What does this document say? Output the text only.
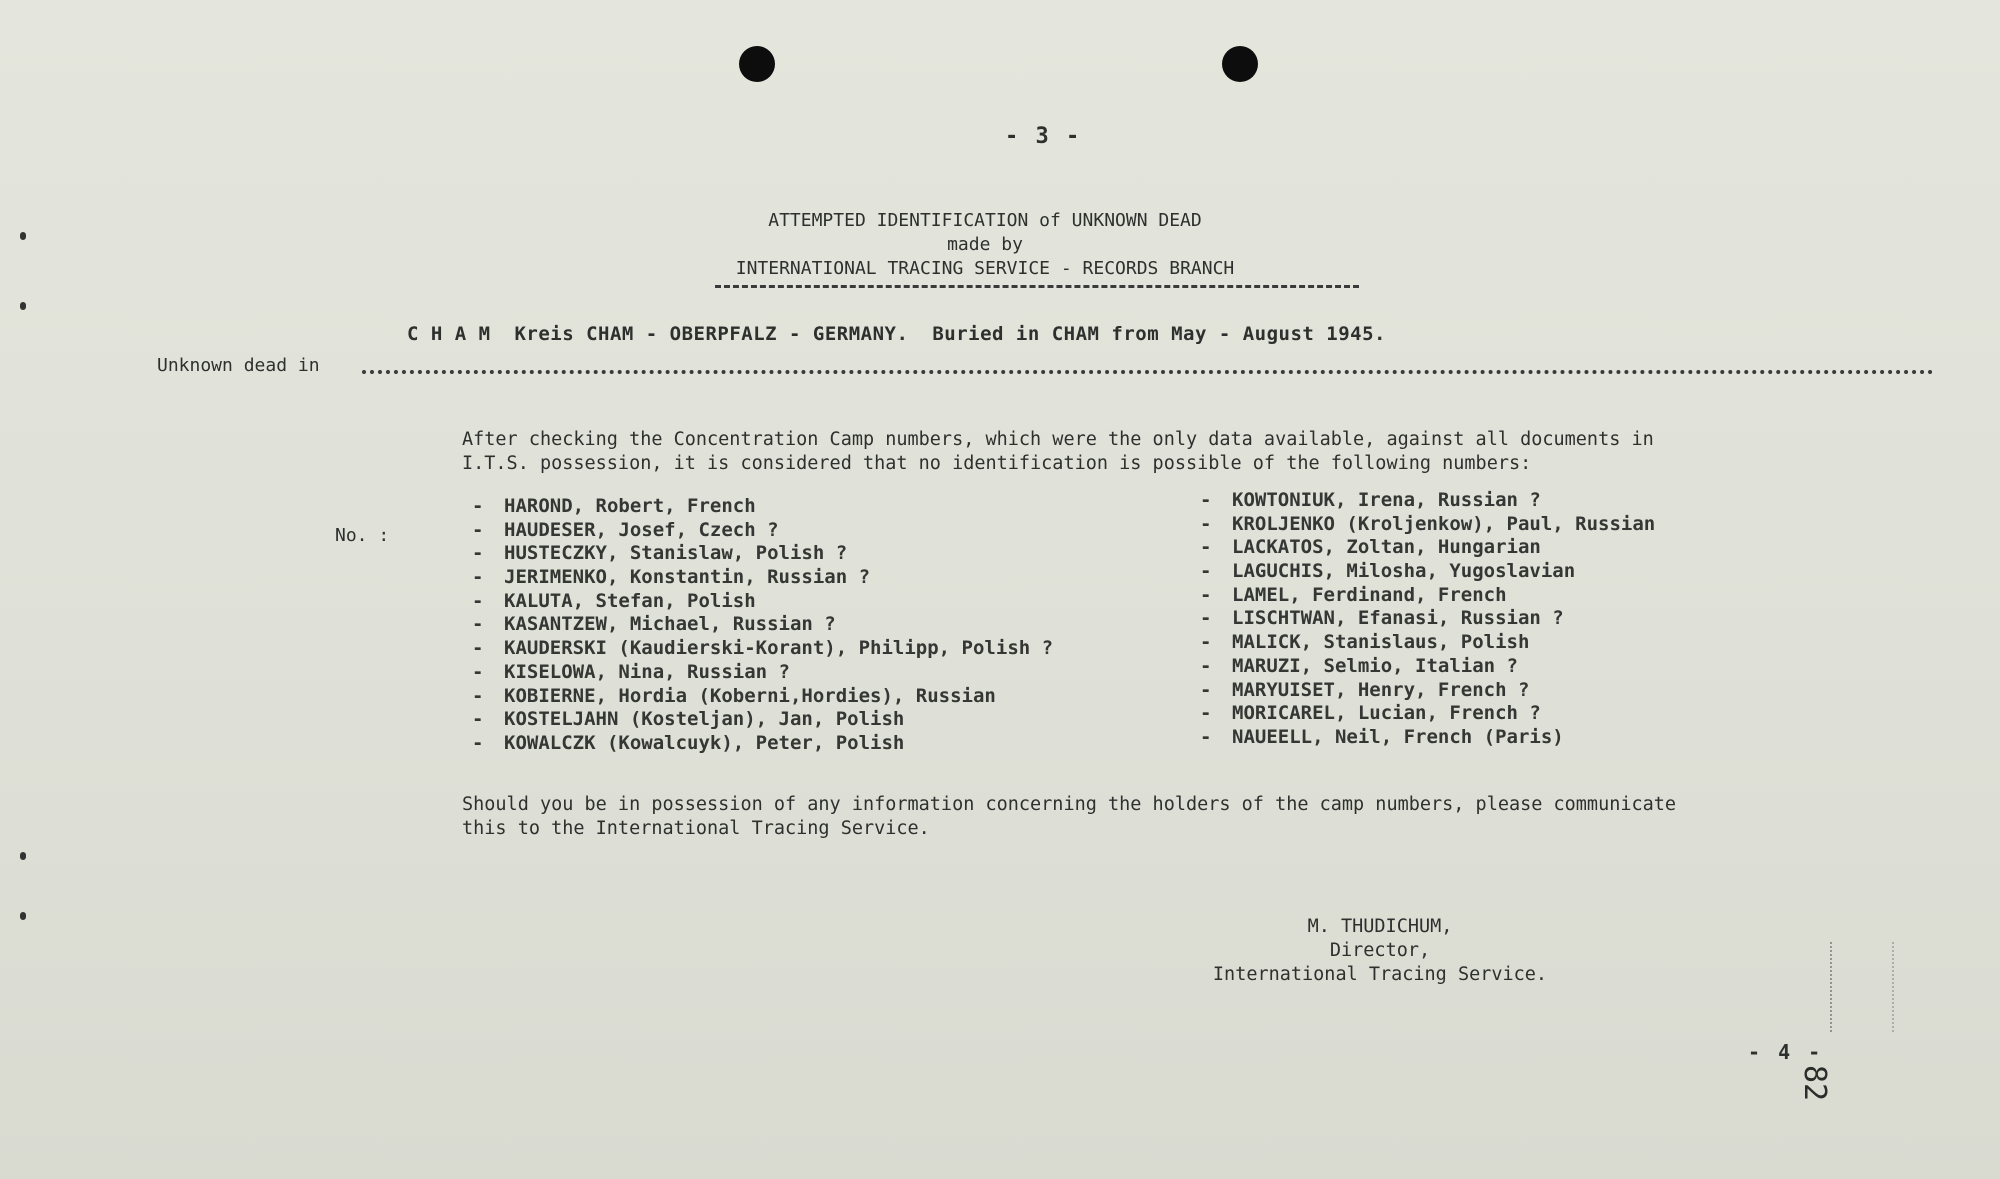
- 3 -
ATTEMPTED IDENTIFICATION of UNKNOWN DEAD
made by
INTERNATIONAL TRACING SERVICE - RECORDS BRANCH
C H A M  Kreis CHAM - OBERPFALZ - GERMANY.  Buried in CHAM from May - August 1945.
Unknown dead in
After checking the Concentration Camp numbers, which were the only data available, against all documents in I.T.S. possession, it is considered that no identification is possible of the following numbers:
No. :
- HAROND, Robert, French
- HAUDESER, Josef, Czech ?
- HUSTECZKY, Stanislaw, Polish ?
- JERIMENKO, Konstantin, Russian ?
- KALUTA, Stefan, Polish
- KASANTZEW, Michael, Russian ?
- KAUDERSKI (Kaudierski-Korant), Philipp, Polish ?
- KISELOWA, Nina, Russian ?
- KOBIERNE, Hordia (Koberni,Hordies), Russian
- KOSTELJAHN (Kosteljan), Jan, Polish
- KOWALCZK (Kowalcuyk), Peter, Polish
- KOWTONIUK, Irena, Russian ?
- KROLJENKO (Kroljenkow), Paul, Russian
- LACKATOS, Zoltan, Hungarian
- LAGUCHIS, Milosha, Yugoslavian
- LAMEL, Ferdinand, French
- LISCHTWAN, Efanasi, Russian ?
- MALICK, Stanislaus, Polish
- MARUZI, Selmio, Italian ?
- MARYUISET, Henry, French ?
- MORICAREL, Lucian, French ?
- NAUEELL, Neil, French (Paris)
Should you be in possession of any information concerning the holders of the camp numbers, please communicate this to the International Tracing Service.
M. THUDICHUM,
Director,
International Tracing Service.
- 4 -
82
